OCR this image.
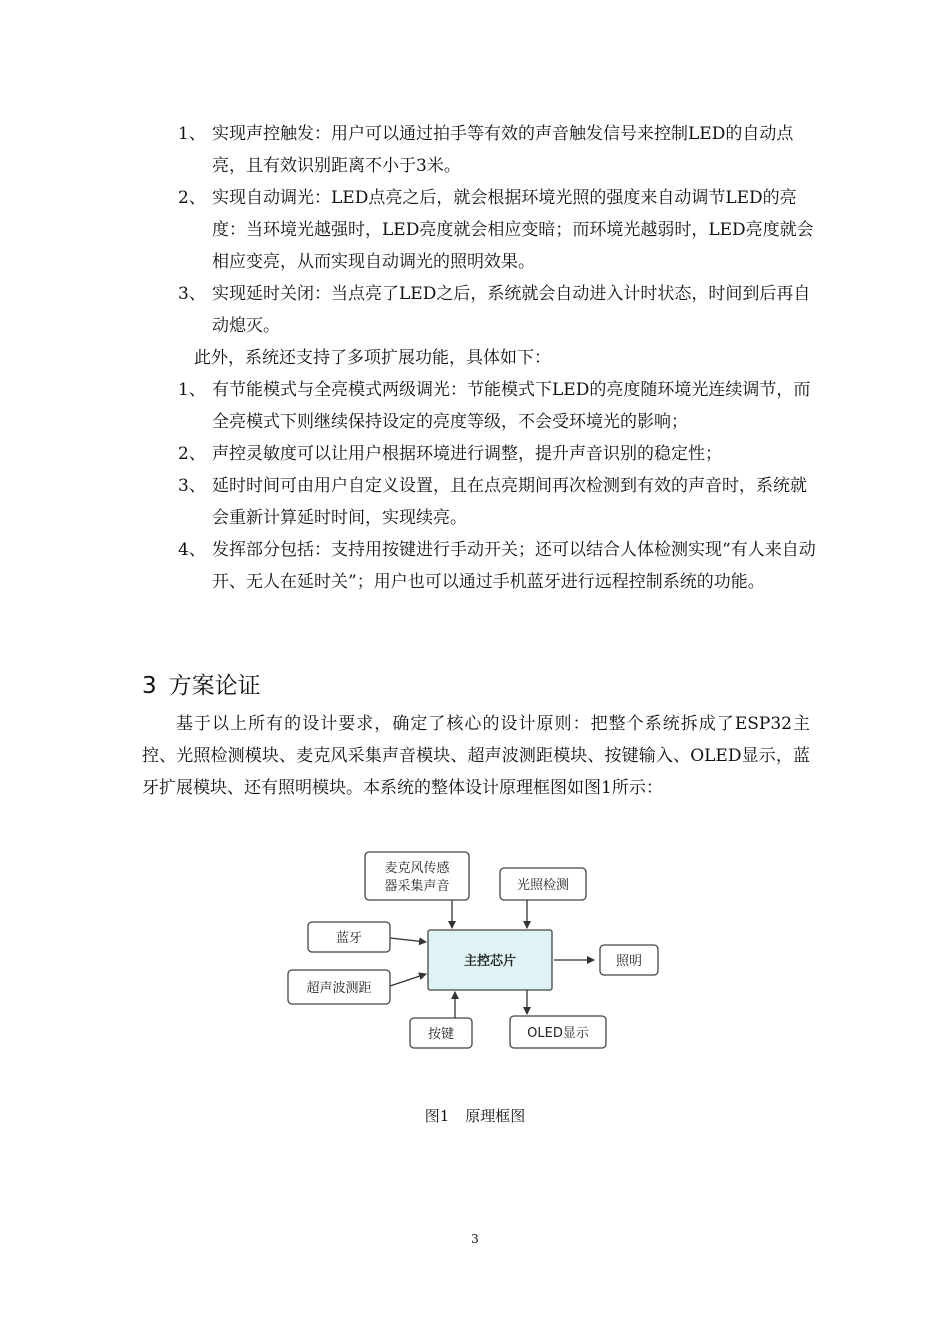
1、 实现声控触发：用户可以通过拍手等有效的声音触发信号来控制LED的自动点亮，且有效识别距离不小于3米。
2、 实现自动调光：LED点亮之后，就会根据环境光照的强度来自动调节LED的亮度：当环境光越强时，LED亮度就会相应变暗；而环境光越弱时，LED亮度就会相应变亮，从而实现自动调光的照明效果。
3、 实现延时关闭：当点亮了LED之后，系统就会自动进入计时状态，时间到后再自动熄灭。
此外，系统还支持了多项扩展功能，具体如下：
1、 有节能模式与全亮模式两级调光：节能模式下LED的亮度随环境光连续调节，而全亮模式下则继续保持设定的亮度等级，不会受环境光的影响；
2、 声控灵敏度可以让用户根据环境进行调整，提升声音识别的稳定性；
3、 延时时间可由用户自定义设置，且在点亮期间再次检测到有效的声音时，系统就会重新计算延时时间，实现续亮。
4、 发挥部分包括：支持用按键进行手动开关；还可以结合人体检测实现“有人来自动开、无人在延时关”；用户也可以通过手机蓝牙进行远程控制系统的功能。
3 方案论证
基于以上所有的设计要求，确定了核心的设计原则：把整个系统拆成了ESP32主控、光照检测模块、麦克风采集声音模块、超声波测距模块、按键输入、OLED显示，蓝牙扩展模块、还有照明模块。本系统的整体设计原理框图如图1所示：
麦克风传感
器采集声音	光照检测
蓝牙
主控芯片	照明
超声波测距
按键	OLED显示
图1 原理框图
3
